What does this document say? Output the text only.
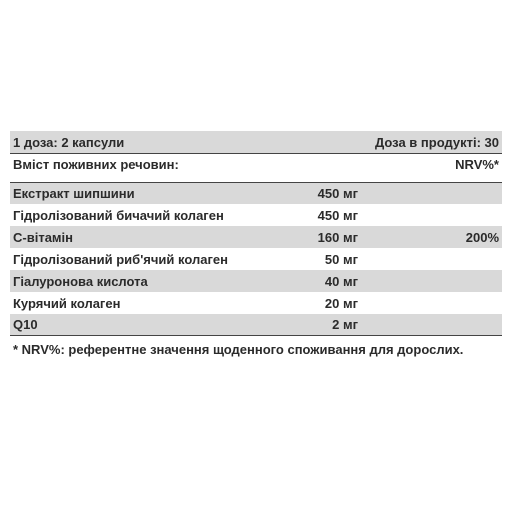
1 доза: 2 капсули	Доза в продукті: 30
Вміст поживних речовин:	NRV%*
Екстракт шипшини	450 мг
Гідролізований бичачий колаген	450 мг
С-вітамін	160 мг	200%
Гідролізований риб'ячий колаген	50 мг
Гіалуронова кислота	40 мг
Курячий колаген	20 мг
Q10	2 мг
* NRV%: референтне значення щоденного споживання для дорослих.
